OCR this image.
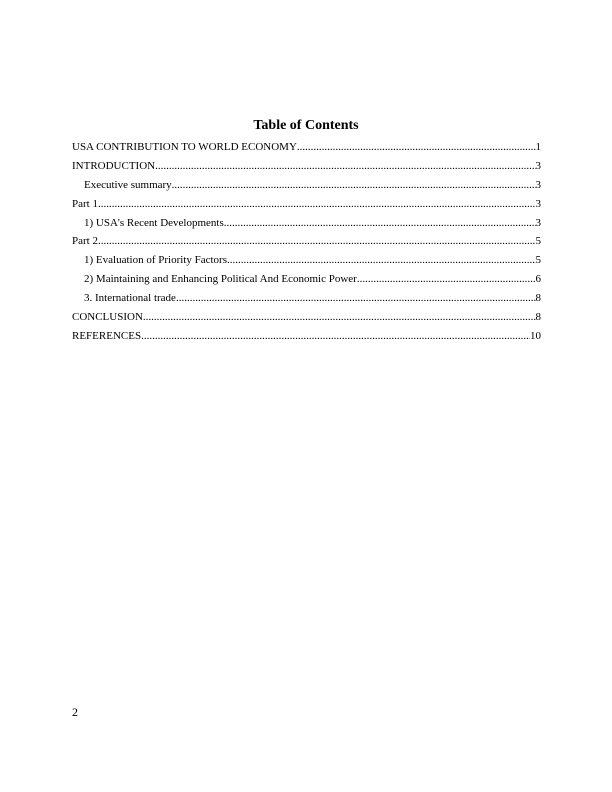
Table of Contents
USA CONTRIBUTION TO WORLD ECONOMY .....	1
INTRODUCTION .....	3
Executive summary .....	3
Part 1 .....	3
1) USA's Recent Developments .....	3
Part 2 .....	5
1) Evaluation of Priority Factors .....	5
2) Maintaining and Enhancing Political And Economic Power .....	6
3. International trade .....	8
CONCLUSION .....	8
REFERENCES .....	10
2
